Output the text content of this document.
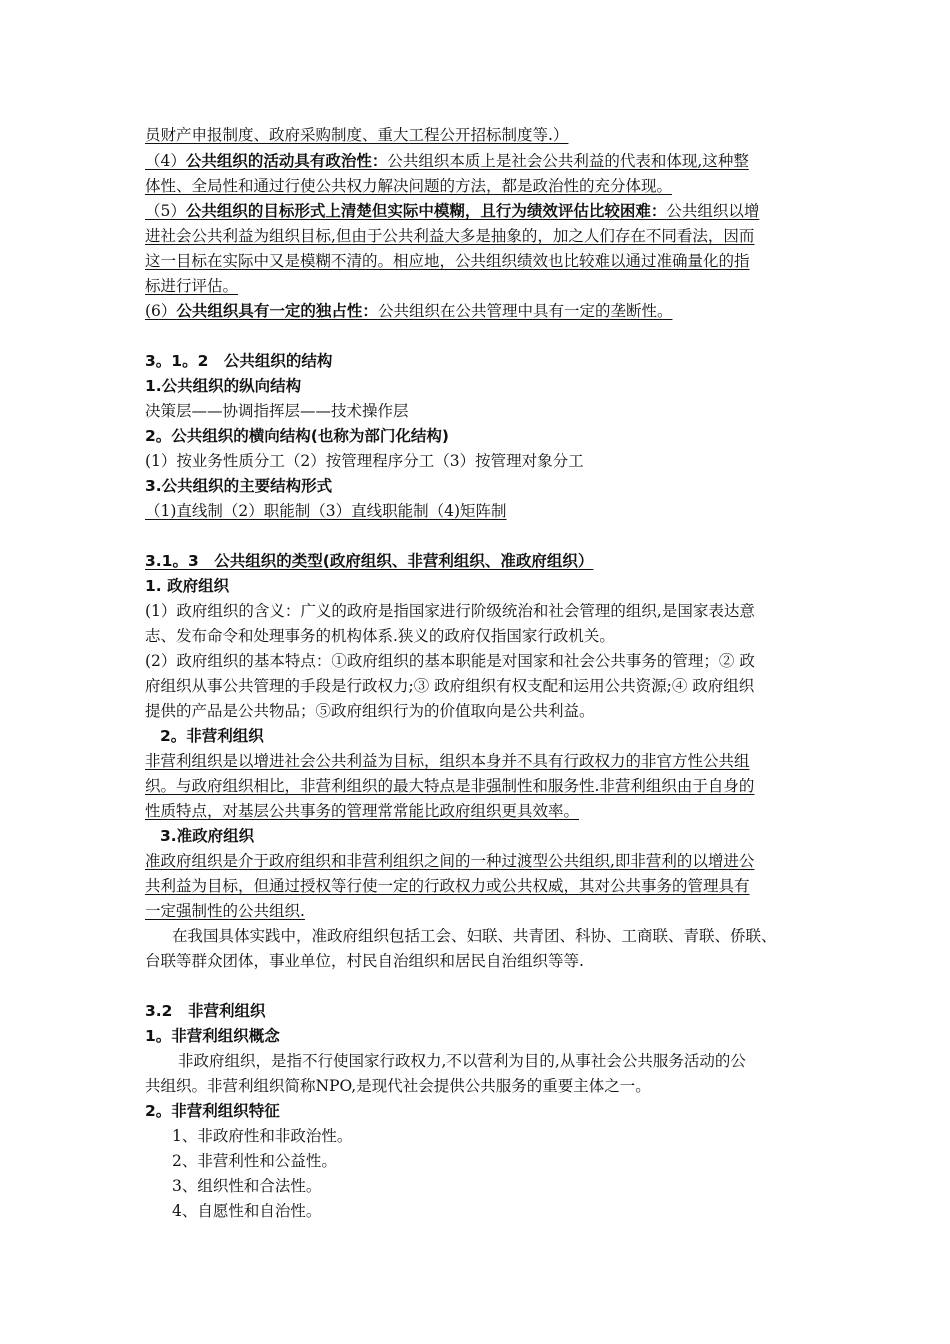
员财产申报制度、政府采购制度、重大工程公开招标制度等.）
（4）公共组织的活动具有政治性：公共组织本质上是社会公共利益的代表和体现,这种整
体性、全局性和通过行使公共权力解决问题的方法，都是政治性的充分体现。
（5）公共组织的目标形式上清楚但实际中模糊，且行为绩效评估比较困难：公共组织以增
进社会公共利益为组织目标,但由于公共利益大多是抽象的，加之人们存在不同看法，因而
这一目标在实际中又是模糊不清的。相应地，公共组织绩效也比较难以通过准确量化的指
标进行评估。
(6）公共组织具有一定的独占性：公共组织在公共管理中具有一定的垄断性。
3。1。2　公共组织的结构
1.公共组织的纵向结构
决策层——协调指挥层——技术操作层
2。公共组织的横向结构(也称为部门化结构)
(1）按业务性质分工（2）按管理程序分工（3）按管理对象分工
3.公共组织的主要结构形式
（1)直线制（2）职能制（3）直线职能制（4)矩阵制
3.1。3　公共组织的类型(政府组织、非营利组织、准政府组织）
1. 政府组织
(1）政府组织的含义：广义的政府是指国家进行阶级统治和社会管理的组织,是国家表达意
志、发布命令和处理事务的机构体系.狭义的政府仅指国家行政机关。
(2）政府组织的基本特点：①政府组织的基本职能是对国家和社会公共事务的管理；② 政
府组织从事公共管理的手段是行政权力;③ 政府组织有权支配和运用公共资源;④ 政府组织
提供的产品是公共物品；⑤政府组织行为的价值取向是公共利益。
2。非营利组织
非营利组织是以增进社会公共利益为目标，组织本身并不具有行政权力的非官方性公共组
织。与政府组织相比，非营利组织的最大特点是非强制性和服务性.非营利组织由于自身的
性质特点，对基层公共事务的管理常常能比政府组织更具效率。
3.准政府组织
准政府组织是介于政府组织和非营利组织之间的一种过渡型公共组织,即非营利的以增进公
共利益为目标，但通过授权等行使一定的行政权力或公共权威，其对公共事务的管理具有
一定强制性的公共组织.
在我国具体实践中，准政府组织包括工会、妇联、共青团、科协、工商联、青联、侨联、
台联等群众团体，事业单位，村民自治组织和居民自治组织等等.
3.2　非营利组织
1。非营利组织概念
非政府组织，是指不行使国家行政权力,不以营利为目的,从事社会公共服务活动的公
共组织。非营利组织简称NPO,是现代社会提供公共服务的重要主体之一。
2。非营利组织特征
1、非政府性和非政治性。
2、非营利性和公益性。
3、组织性和合法性。
4、自愿性和自治性。
